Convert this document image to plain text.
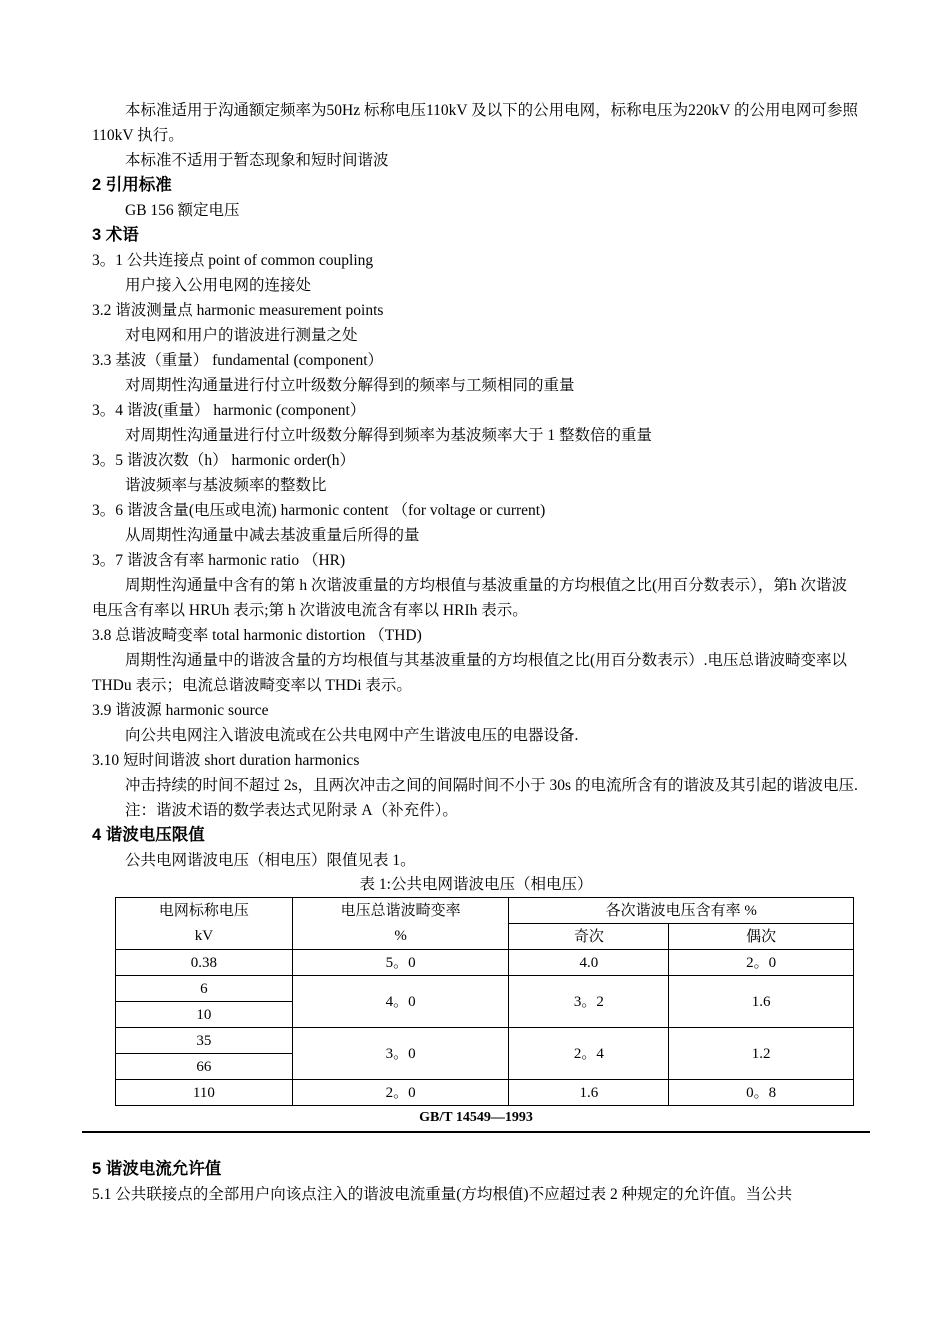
本标准适用于沟通额定频率为50Hz 标称电压110kV 及以下的公用电网，标称电压为220kV 的公用电网可参照110kV 执行。

本标准不适用于暂态现象和短时间谐波

2 引用标准

GB 156 额定电压

3 术语

3。1 公共连接点 point of common coupling

用户接入公用电网的连接处

3.2 谐波测量点 harmonic measurement points

对电网和用户的谐波进行测量之处

3.3 基波（重量） fundamental (component）

对周期性沟通量进行付立叶级数分解得到的频率与工频相同的重量

3。4 谐波(重量） harmonic (component）

对周期性沟通量进行付立叶级数分解得到频率为基波频率大于 1 整数倍的重量

3。5 谐波次数（h） harmonic order(h）

谐波频率与基波频率的整数比

3。6 谐波含量(电压或电流) harmonic content （for voltage or current)

从周期性沟通量中减去基波重量后所得的量

3。7 谐波含有率 harmonic ratio （HR)

周期性沟通量中含有的第 h 次谐波重量的方均根值与基波重量的方均根值之比(用百分数表示），第h 次谐波电压含有率以 HRUh 表示;第 h 次谐波电流含有率以 HRIh 表示。

3.8 总谐波畸变率 total harmonic distortion （THD)

周期性沟通量中的谐波含量的方均根值与其基波重量的方均根值之比(用百分数表示）.电压总谐波畸变率以 THDu 表示；电流总谐波畸变率以 THDi 表示。

3.9 谐波源 harmonic source

向公共电网注入谐波电流或在公共电网中产生谐波电压的电器设备.

3.10 短时间谐波 short duration harmonics

冲击持续的时间不超过 2s，且两次冲击之间的间隔时间不小于 30s 的电流所含有的谐波及其引起的谐波电压.

注：谐波术语的数学表达式见附录 A（补充件）。

4 谐波电压限值

公共电网谐波电压（相电压）限值见表 1。

表 1:公共电网谐波电压（相电压）

电网标称电压	电压总谐波畸变率	各次谐波电压含有率 %	
kV	%	奇次	偶次
0.38	5。0	4.0	2。0
6	4。0	3。2	1.6
10			
35	3。0	2。4	1.2
66			
110	2。0	1.6	0。8

GB/T 14549—1993

5 谐波电流允许值

5.1 公共联接点的全部用户向该点注入的谐波电流重量(方均根值)不应超过表 2 种规定的允许值。当公共
